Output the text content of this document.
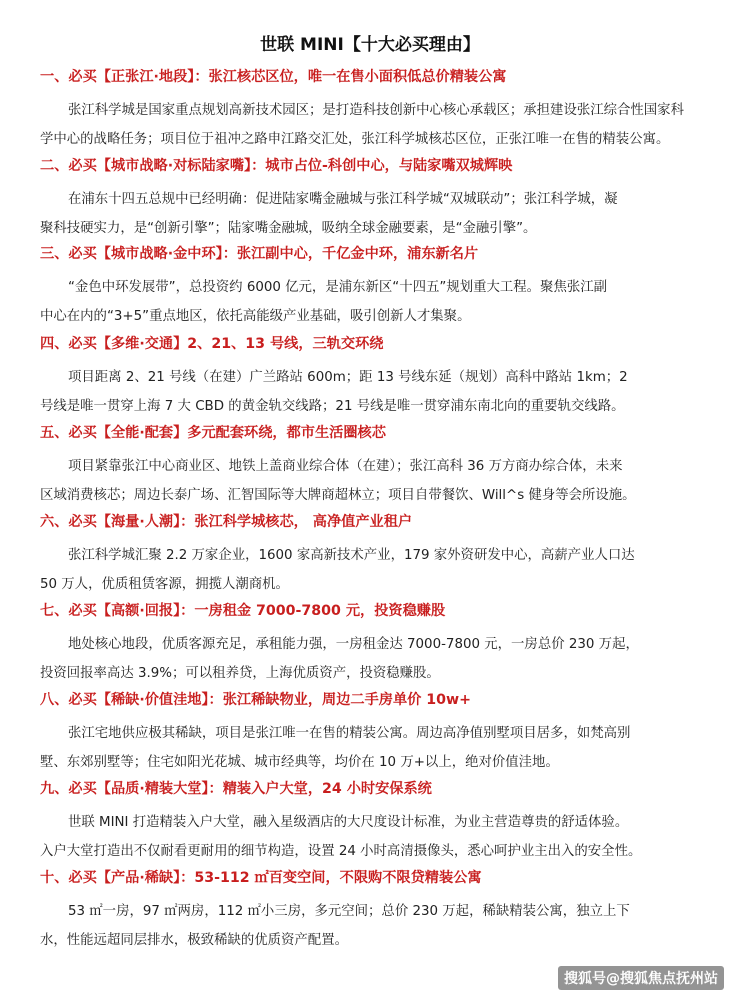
世联 MINI【十大必买理由】
一、必买【正张江·地段】：张江核芯区位，唯一在售小面积低总价精装公寓
张江科学城是国家重点规划高新技术园区；是打造科技创新中心核心承载区；承担建设张江综合性国家科
学中心的战略任务；项目位于祖冲之路申江路交汇处，张江科学城核芯区位，正张江唯一在售的精装公寓。
二、必买【城市战略·对标陆家嘴】：城市占位-科创中心，与陆家嘴双城辉映
在浦东十四五总规中已经明确：促进陆家嘴金融城与张江科学城“双城联动”；张江科学城，凝
聚科技硬实力，是“创新引擎”；陆家嘴金融城，吸纳全球金融要素，是“金融引擎”。
三、必买【城市战略·金中环】：张江副中心，千亿金中环，浦东新名片
“金色中环发展带”，总投资约 6000 亿元，是浦东新区“十四五”规划重大工程。聚焦张江副
中心在内的“3+5”重点地区，依托高能级产业基础，吸引创新人才集聚。
四、必买【多维·交通】2、21、13 号线，三轨交环绕
项目距离 2、21 号线（在建）广兰路站 600m；距 13 号线东延（规划）高科中路站 1km；2
号线是唯一贯穿上海 7 大 CBD 的黄金轨交线路；21 号线是唯一贯穿浦东南北向的重要轨交线路。
五、必买【全能·配套】多元配套环绕，都市生活圈核芯
项目紧靠张江中心商业区、地铁上盖商业综合体（在建）；张江高科 36 万方商办综合体，未来
区域消费核芯；周边长泰广场、汇智国际等大牌商超林立；项目自带餐饮、Will^s 健身等会所设施。
六、必买【海量·人潮】：张江科学城核芯， 高净值产业租户
张江科学城汇聚 2.2 万家企业，1600 家高新技术产业，179 家外资研发中心，高薪产业人口达
50 万人，优质租赁客源，拥揽人潮商机。
七、必买【高额·回报】：一房租金 7000-7800 元，投资稳赚股
地处核心地段，优质客源充足，承租能力强，一房租金达 7000-7800 元，一房总价 230 万起，
投资回报率高达 3.9%；可以租养贷，上海优质资产，投资稳赚股。
八、必买【稀缺·价值洼地】：张江稀缺物业，周边二手房单价 10w+
张江宅地供应极其稀缺，项目是张江唯一在售的精装公寓。周边高净值别墅项目居多，如梵高别
墅、东郊别墅等；住宅如阳光花城、城市经典等，均价在 10 万+以上，绝对价值洼地。
九、必买【品质·精装大堂】：精装入户大堂，24 小时安保系统
世联 MINI 打造精装入户大堂，融入星级酒店的大尺度设计标准，为业主营造尊贵的舒适体验。
入户大堂打造出不仅耐看更耐用的细节构造，设置 24 小时高清摄像头，悉心呵护业主出入的安全性。
十、必买【产品·稀缺】：53-112 ㎡百变空间，不限购不限贷精装公寓
53 ㎡一房，97 ㎡两房，112 ㎡小三房，多元空间；总价 230 万起，稀缺精装公寓，独立上下
水，性能远超同层排水，极致稀缺的优质资产配置。
搜狐号@搜狐焦点抚州站
